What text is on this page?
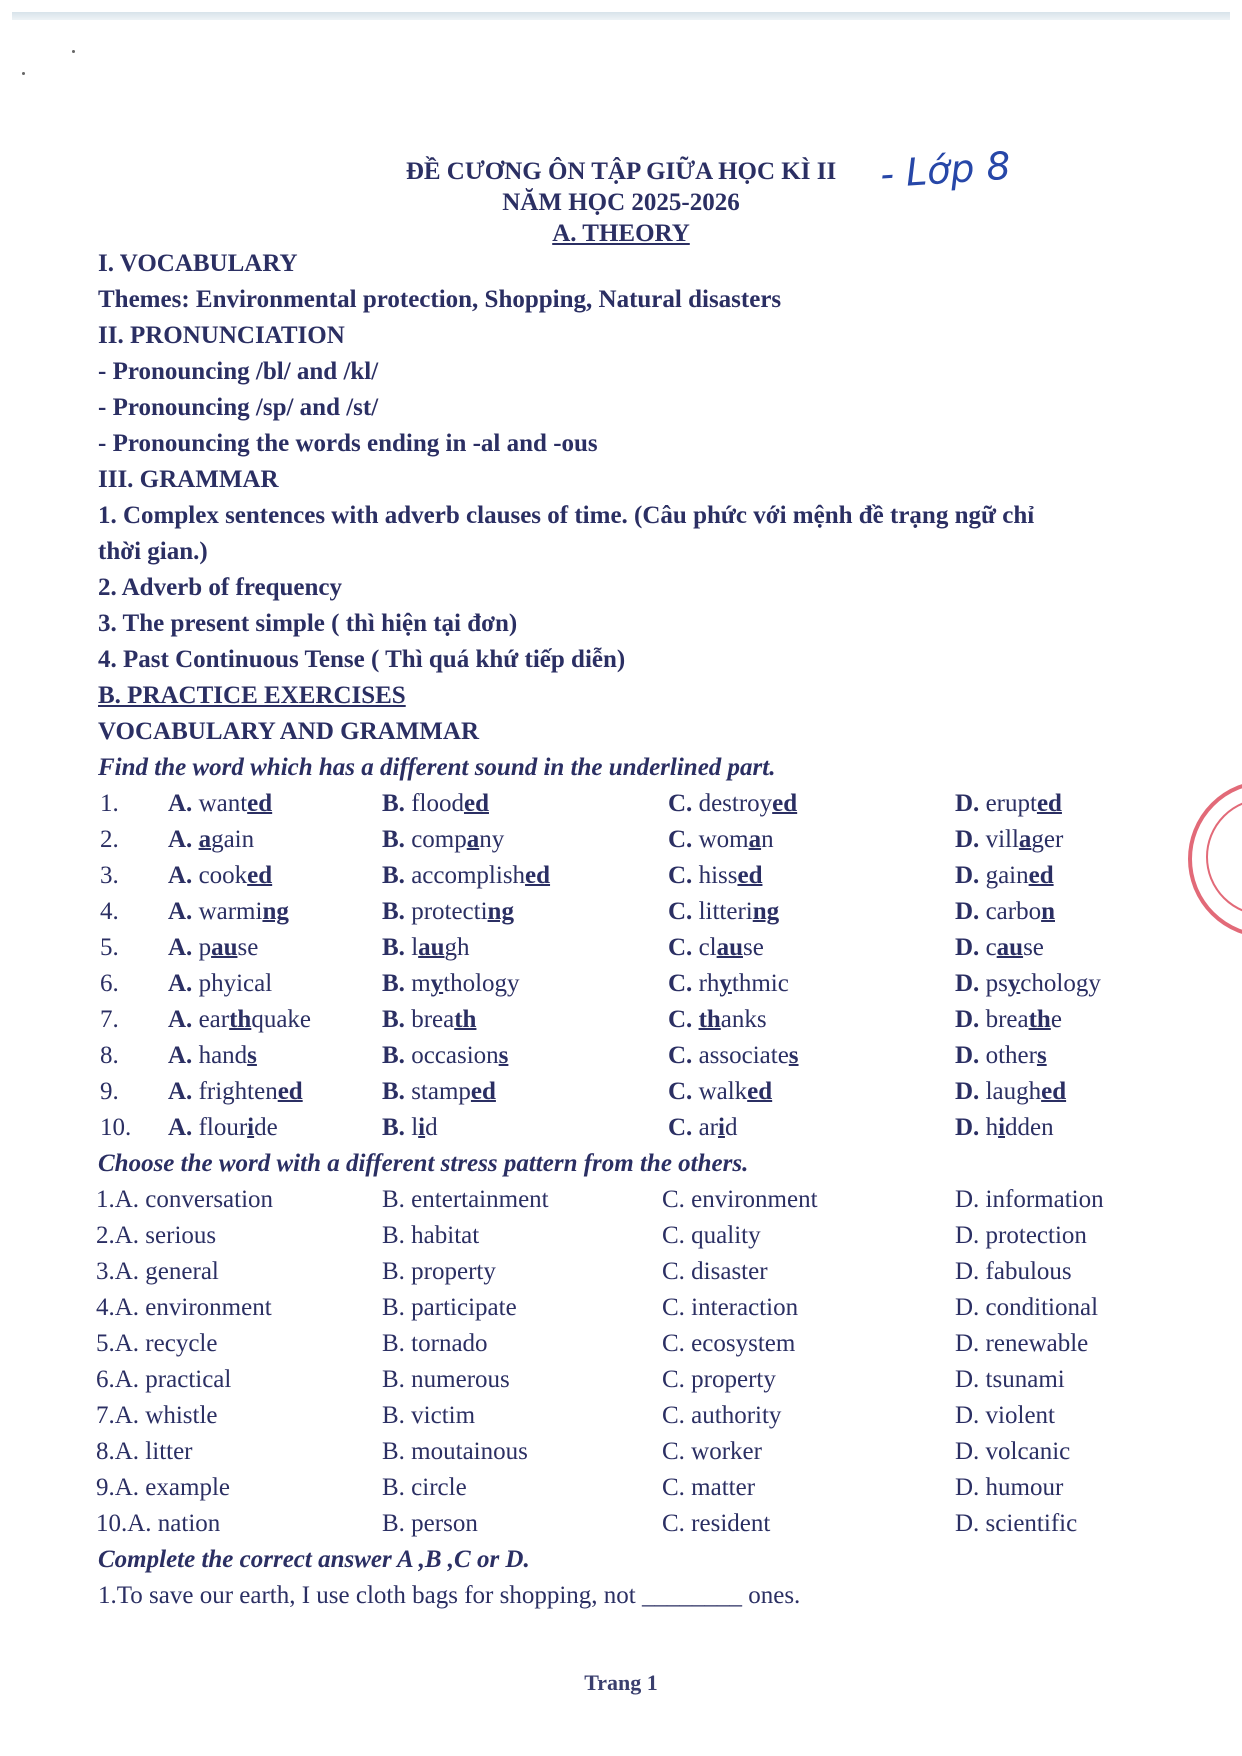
ĐỀ CƯƠNG ÔN TẬP GIỮA HỌC KÌ II	- Lớp 8
NĂM HỌC 2025-2026
A. THEORY
I. VOCABULARY
Themes: Environmental protection, Shopping, Natural disasters
II. PRONUNCIATION
- Pronouncing /bl/ and /kl/
- Pronouncing /sp/ and /st/
- Pronouncing the words ending in -al and -ous
III. GRAMMAR
1. Complex sentences with adverb clauses of time. (Câu phức với mệnh đề trạng ngữ chỉ
thời gian.)
2. Adverb of frequency
3. The present simple ( thì hiện tại đơn)
4. Past Continuous Tense ( Thì quá khứ tiếp diễn)
B. PRACTICE EXERCISES
VOCABULARY AND GRAMMAR
Find the word which has a different sound in the underlined part.
1. A. wanted	B. flooded	C. destroyed	D. erupted
2. A. again	B. company	C. woman	D. villager
3. A. cooked	B. accomplished	C. hissed	D. gained
4. A. warming	B. protecting	C. littering	D. carbon
5. A. pause	B. laugh	C. clause	D. cause
6. A. phyical	B. mythology	C. rhythmic	D. psychology
7. A. earthquake	B. breath	C. thanks	D. breathe
8. A. hands	B. occasions	C. associates	D. others
9. A. frightened	B. stamped	C. walked	D. laughed
10. A. flouride	B. lid	C. arid	D. hidden
Choose the word with a different stress pattern from the others.
1.A. conversation	B. entertainment	C. environment	D. information
2.A. serious	B. habitat	C. quality	D. protection
3.A. general	B. property	C. disaster	D. fabulous
4.A. environment	B. participate	C. interaction	D. conditional
5.A. recycle	B. tornado	C. ecosystem	D. renewable
6.A. practical	B. numerous	C. property	D. tsunami
7.A. whistle	B. victim	C. authority	D. violent
8.A. litter	B. moutainous	C. worker	D. volcanic
9.A. example	B. circle	C. matter	D. humour
10.A. nation	B. person	C. resident	D. scientific
Complete the correct answer A ,B ,C or D.
1.To save our earth, I use cloth bags for shopping, not ________ ones.
Trang 1
